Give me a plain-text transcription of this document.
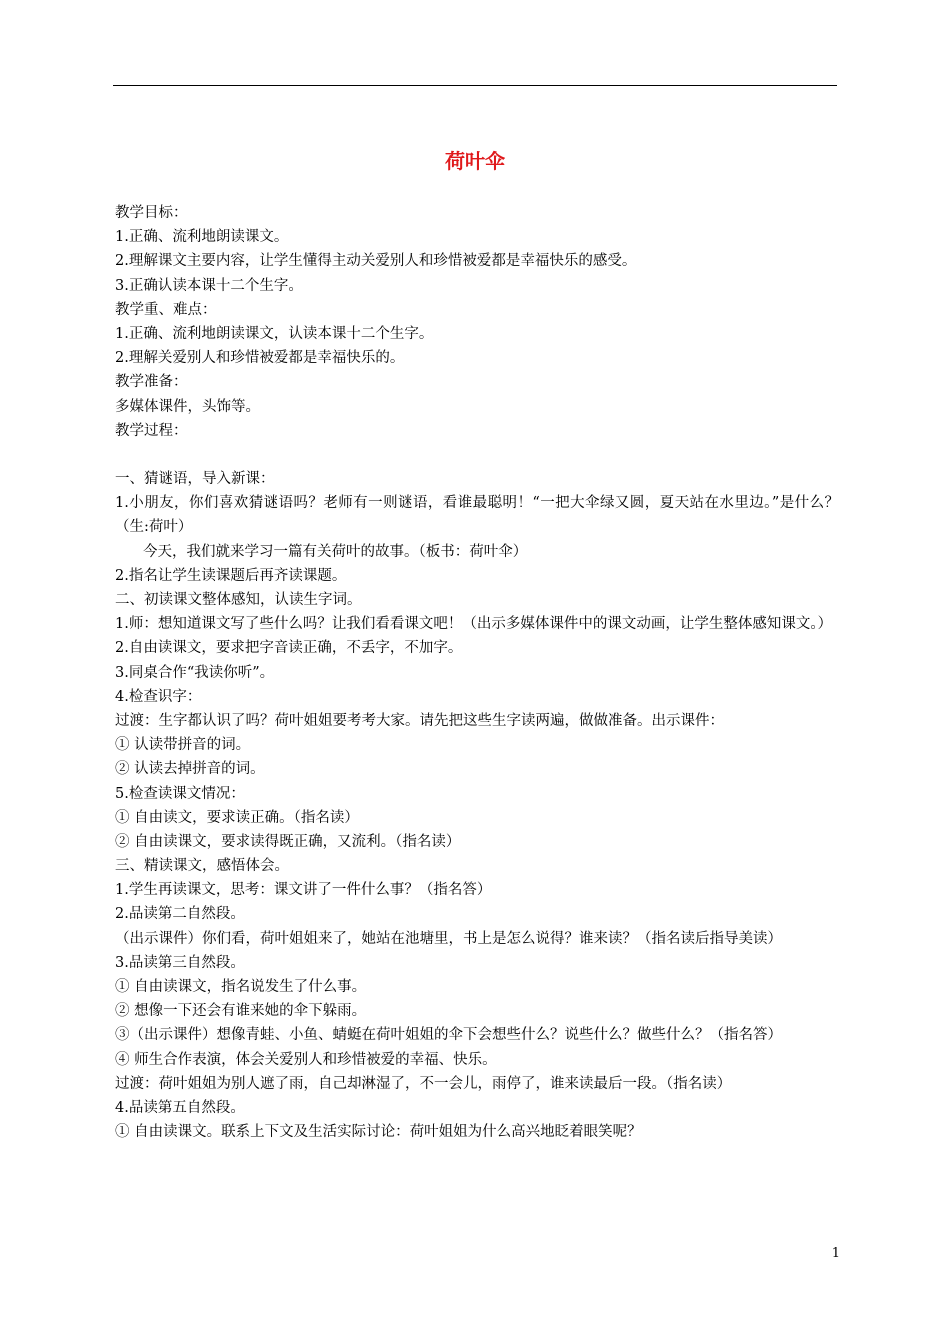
荷叶伞
教学目标：
1.正确、流利地朗读课文。
2.理解课文主要内容，让学生懂得主动关爱别人和珍惜被爱都是幸福快乐的感受。
3.正确认读本课十二个生字。
教学重、难点：
1.正确、流利地朗读课文，认读本课十二个生字。
2.理解关爱别人和珍惜被爱都是幸福快乐的。
教学准备：
多媒体课件，头饰等。
教学过程：
一、猜谜语，导入新课：
1.小朋友，你们喜欢猜谜语吗？老师有一则谜语，看谁最聪明！“一把大伞绿又圆，夏天站在水里边。”是什么？（生:荷叶）
今天，我们就来学习一篇有关荷叶的故事。（板书：荷叶伞）
2.指名让学生读课题后再齐读课题。
二、初读课文整体感知，认读生字词。
1.师：想知道课文写了些什么吗？让我们看看课文吧！（出示多媒体课件中的课文动画，让学生整体感知课文。）
2.自由读课文，要求把字音读正确，不丢字，不加字。
3.同桌合作“我读你听”。
4.检查识字：
过渡：生字都认识了吗？荷叶姐姐要考考大家。请先把这些生字读两遍，做做准备。出示课件：
① 认读带拼音的词。
② 认读去掉拼音的词。
5.检查读课文情况：
① 自由读文，要求读正确。（指名读）
② 自由读课文，要求读得既正确，又流利。（指名读）
三、精读课文，感悟体会。
1.学生再读课文，思考：课文讲了一件什么事？（指名答）
2.品读第二自然段。
（出示课件）你们看，荷叶姐姐来了，她站在池塘里，书上是怎么说得？谁来读？（指名读后指导美读）
3.品读第三自然段。
① 自由读课文，指名说发生了什么事。
② 想像一下还会有谁来她的伞下躲雨。
③（出示课件）想像青蛙、小鱼、蜻蜓在荷叶姐姐的伞下会想些什么？说些什么？做些什么？（指名答）
④ 师生合作表演，体会关爱别人和珍惜被爱的幸福、快乐。
过渡：荷叶姐姐为别人遮了雨，自己却淋湿了，不一会儿，雨停了，谁来读最后一段。（指名读）
4.品读第五自然段。
① 自由读课文。联系上下文及生活实际讨论：荷叶姐姐为什么高兴地眨着眼笑呢？
1
